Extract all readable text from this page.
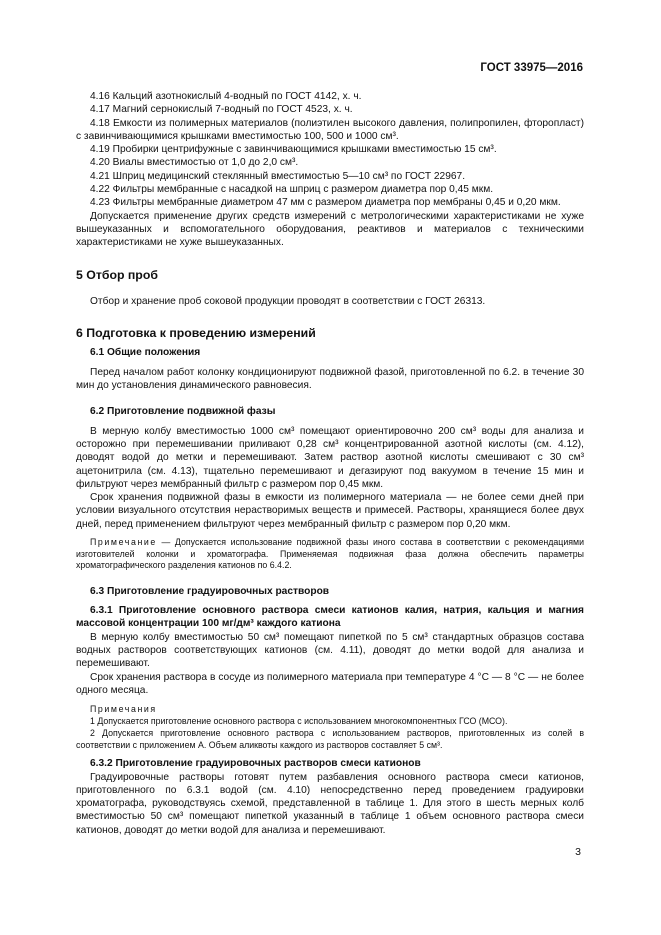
ГОСТ 33975—2016

4.16 Кальций азотнокислый 4-водный по ГОСТ 4142, х. ч.

4.17 Магний сернокислый 7-водный по ГОСТ 4523, х. ч.

4.18 Емкости из полимерных материалов (полиэтилен высокого давления, полипропилен, фторопласт) с завинчивающимися крышками вместимостью 100, 500 и 1000 см³.

4.19 Пробирки центрифужные с завинчивающимися крышками вместимостью 15 см³.

4.20 Виалы вместимостью от 1,0 до 2,0 см³.

4.21 Шприц медицинский стеклянный вместимостью 5—10 см³ по ГОСТ 22967.

4.22 Фильтры мембранные с насадкой на шприц с размером диаметра пор 0,45 мкм.

4.23 Фильтры мембранные диаметром 47 мм с размером диаметра пор мембраны 0,45 и 0,20 мкм.

Допускается применение других средств измерений с метрологическими характеристиками не хуже вышеуказанных и вспомогательного оборудования, реактивов и материалов с техническими характеристиками не хуже вышеуказанных.

5 Отбор проб

Отбор и хранение проб соковой продукции проводят в соответствии с ГОСТ 26313.

6 Подготовка к проведению измерений

6.1 Общие положения

Перед началом работ колонку кондиционируют подвижной фазой, приготовленной по 6.2. в течение 30 мин до установления динамического равновесия.

6.2 Приготовление подвижной фазы

В мерную колбу вместимостью 1000 см³ помещают ориентировочно 200 см³ воды для анализа и осторожно при перемешивании приливают 0,28 см³ концентрированной азотной кислоты (см. 4.12), доводят водой до метки и перемешивают. Затем раствор азотной кислоты смешивают с 30 см³ ацетонитрила (см. 4.13), тщательно перемешивают и дегазируют под вакуумом в течение 15 мин и фильтруют через мембранный фильтр с размером пор 0,45 мкм.

Срок хранения подвижной фазы в емкости из полимерного материала — не более семи дней при условии визуального отсутствия нерастворимых веществ и примесей. Растворы, хранящиеся более двух дней, перед применением фильтруют через мембранный фильтр с размером пор 0,20 мкм.

Примечание — Допускается использование подвижной фазы иного состава в соответствии с рекомендациями изготовителей колонки и хроматографа. Применяемая подвижная фаза должна обеспечить параметры хроматографического разделения катионов по 6.4.2.

6.3 Приготовление градуировочных растворов

6.3.1 Приготовление основного раствора смеси катионов калия, натрия, кальция и магния массовой концентрации 100 мг/дм³ каждого катиона

В мерную колбу вместимостью 50 см³ помещают пипеткой по 5 см³ стандартных образцов состава водных растворов соответствующих катионов (см. 4.11), доводят до метки водой для анализа и перемешивают.

Срок хранения раствора в сосуде из полимерного материала при температуре 4 °С — 8 °С — не более одного месяца.

Примечания

1 Допускается приготовление основного раствора с использованием многокомпонентных ГСО (МСО).

2 Допускается приготовление основного раствора с использованием растворов, приготовленных из солей в соответствии с приложением А. Объем аликвоты каждого из растворов составляет 5 см³.

6.3.2 Приготовление градуировочных растворов смеси катионов

Градуировочные растворы готовят путем разбавления основного раствора смеси катионов, приготовленного по 6.3.1 водой (см. 4.10) непосредственно перед проведением градуировки хроматографа, руководствуясь схемой, представленной в таблице 1. Для этого в шесть мерных колб вместимостью 50 см³ помещают пипеткой указанный в таблице 1 объем основного раствора смеси катионов, доводят до метки водой для анализа и перемешивают.

3
